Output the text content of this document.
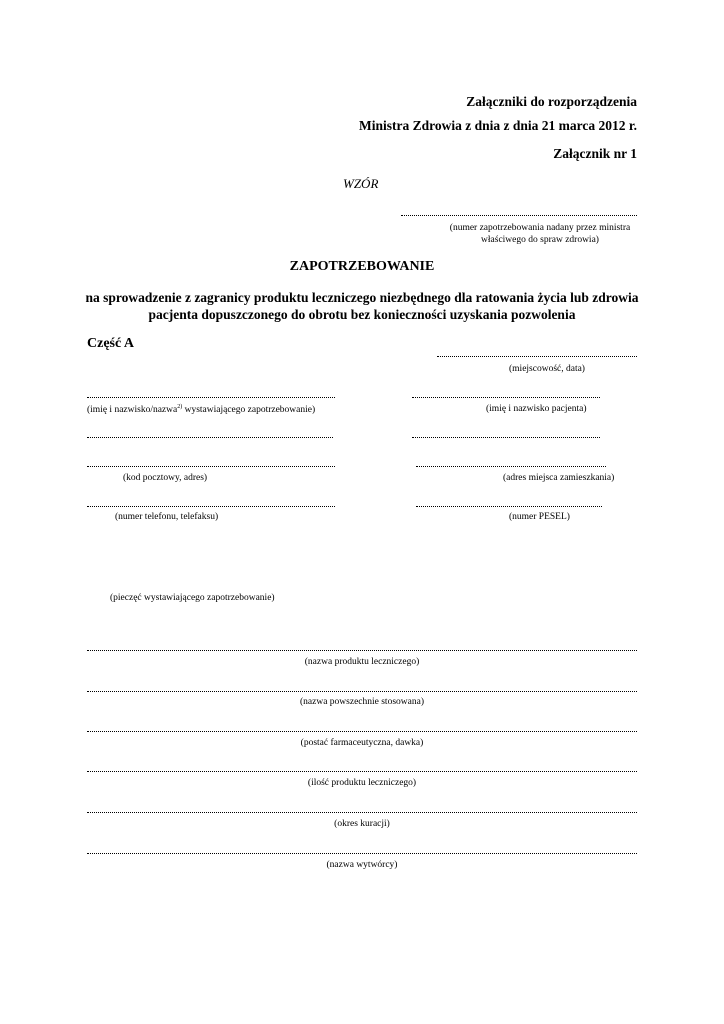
Załączniki do rozporządzenia
Ministra Zdrowia z dnia z dnia 21 marca 2012 r.
Załącznik nr 1
WZÓR
(numer zapotrzebowania nadany przez ministra
właściwego do spraw zdrowia)
ZAPOTRZEBOWANIE
na sprowadzenie z zagranicy produktu leczniczego niezbędnego dla ratowania życia lub zdrowia
pacjenta dopuszczonego do obrotu bez konieczności uzyskania pozwolenia
Część A
(miejscowość, data)
(imię i nazwisko/nazwa$^{2)}$ wystawiającego zapotrzebowanie)	(imię i nazwisko pacjenta)
(kod pocztowy, adres)	(adres miejsca zamieszkania)
(numer telefonu, telefaksu)	(numer PESEL)
(pieczęć wystawiającego zapotrzebowanie)
(nazwa produktu leczniczego)
(nazwa powszechnie stosowana)
(postać farmaceutyczna, dawka)
(ilość produktu leczniczego)
(okres kuracji)
(nazwa wytwórcy)
